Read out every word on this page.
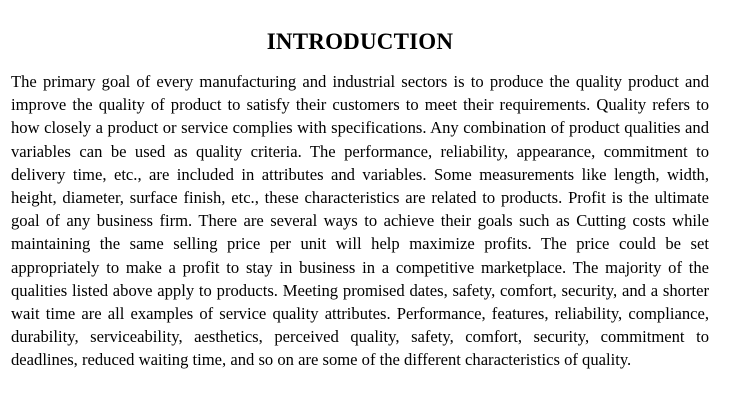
INTRODUCTION

The primary goal of every manufacturing and industrial sectors is to produce the quality product and improve the quality of product to satisfy their customers to meet their requirements. Quality refers to how closely a product or service complies with specifications. Any combination of product qualities and variables can be used as quality criteria. The performance, reliability, appearance, commitment to delivery time, etc., are included in attributes and variables. Some measurements like length, width, height, diameter, surface finish, etc., these characteristics are related to products. Profit is the ultimate goal of any business firm. There are several ways to achieve their goals such as Cutting costs while maintaining the same selling price per unit will help maximize profits. The price could be set appropriately to make a profit to stay in business in a competitive marketplace. The majority of the qualities listed above apply to products. Meeting promised dates, safety, comfort, security, and a shorter wait time are all examples of service quality attributes. Performance, features, reliability, compliance, durability, serviceability, aesthetics, perceived quality, safety, comfort, security, commitment to deadlines, reduced waiting time, and so on are some of the different characteristics of quality.
